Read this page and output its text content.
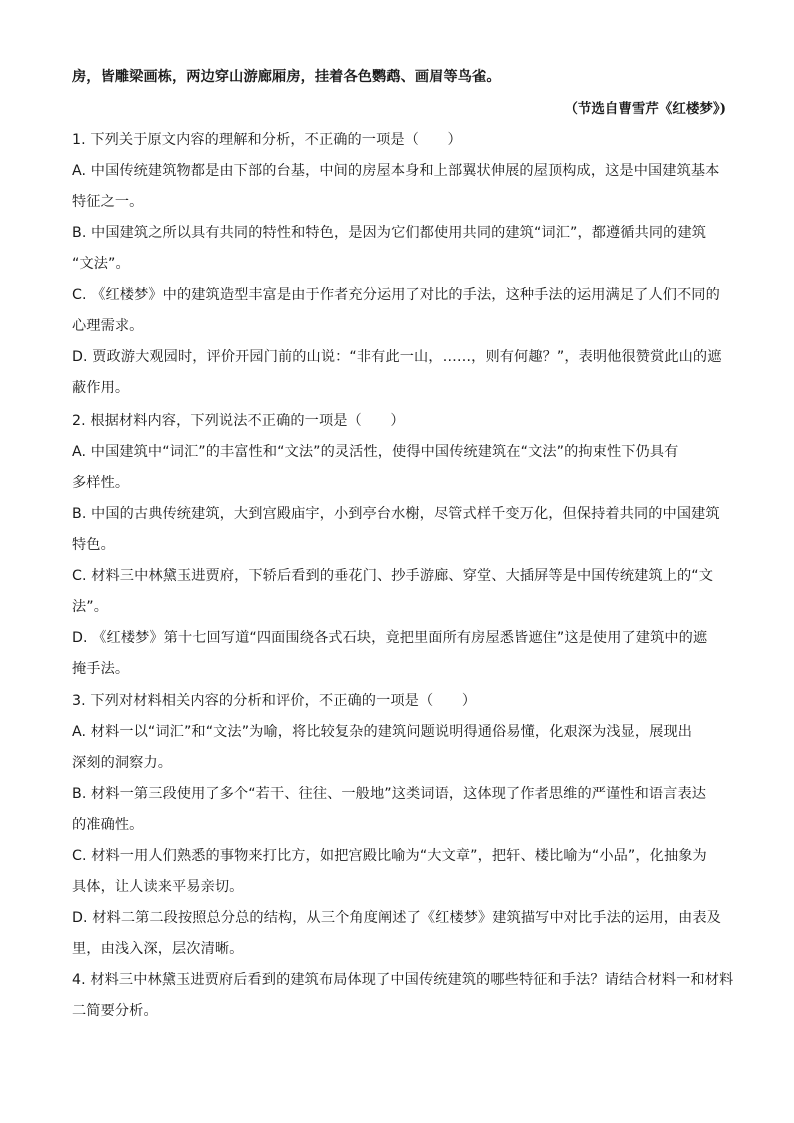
房，皆雕梁画栋，两边穿山游廊厢房，挂着各色鹦鹉、画眉等鸟雀。
（节选自曹雪芹《红楼梦》)
1. 下列关于原文内容的理解和分析，不正确的一项是（　　）
A. 中国传统建筑物都是由下部的台基，中间的房屋本身和上部翼状伸展的屋顶构成，这是中国建筑基本
特征之一。
B. 中国建筑之所以具有共同的特性和特色，是因为它们都使用共同的建筑“词汇”，都遵循共同的建筑
“文法”。
C. 《红楼梦》中的建筑造型丰富是由于作者充分运用了对比的手法，这种手法的运用满足了人们不同的
心理需求。
D. 贾政游大观园时，评价开园门前的山说：“非有此一山，……，则有何趣？”，表明他很赞赏此山的遮
蔽作用。
2. 根据材料内容，下列说法不正确的一项是（　　）
A. 中国建筑中“词汇”的丰富性和“文法”的灵活性，使得中国传统建筑在“文法”的拘束性下仍具有
多样性。
B. 中国的古典传统建筑，大到宫殿庙宇，小到亭台水榭，尽管式样千变万化，但保持着共同的中国建筑
特色。
C. 材料三中林黛玉进贾府，下轿后看到的垂花门、抄手游廊、穿堂、大插屏等是中国传统建筑上的“文
法”。
D. 《红楼梦》第十七回写道“四面围绕各式石块，竟把里面所有房屋悉皆遮住”这是使用了建筑中的遮
掩手法。
3. 下列对材料相关内容的分析和评价，不正确的一项是（　　）
A. 材料一以“词汇”和“文法”为喻，将比较复杂的建筑问题说明得通俗易懂，化艰深为浅显，展现出
深刻的洞察力。
B. 材料一第三段使用了多个“若干、往往、一般地”这类词语，这体现了作者思维的严谨性和语言表达
的准确性。
C. 材料一用人们熟悉的事物来打比方，如把宫殿比喻为“大文章”，把轩、楼比喻为“小品”，化抽象为
具体，让人读来平易亲切。
D. 材料二第二段按照总分总的结构，从三个角度阐述了《红楼梦》建筑描写中对比手法的运用，由表及
里，由浅入深，层次清晰。
4. 材料三中林黛玉进贾府后看到的建筑布局体现了中国传统建筑的哪些特征和手法？请结合材料一和材料
二简要分析。
